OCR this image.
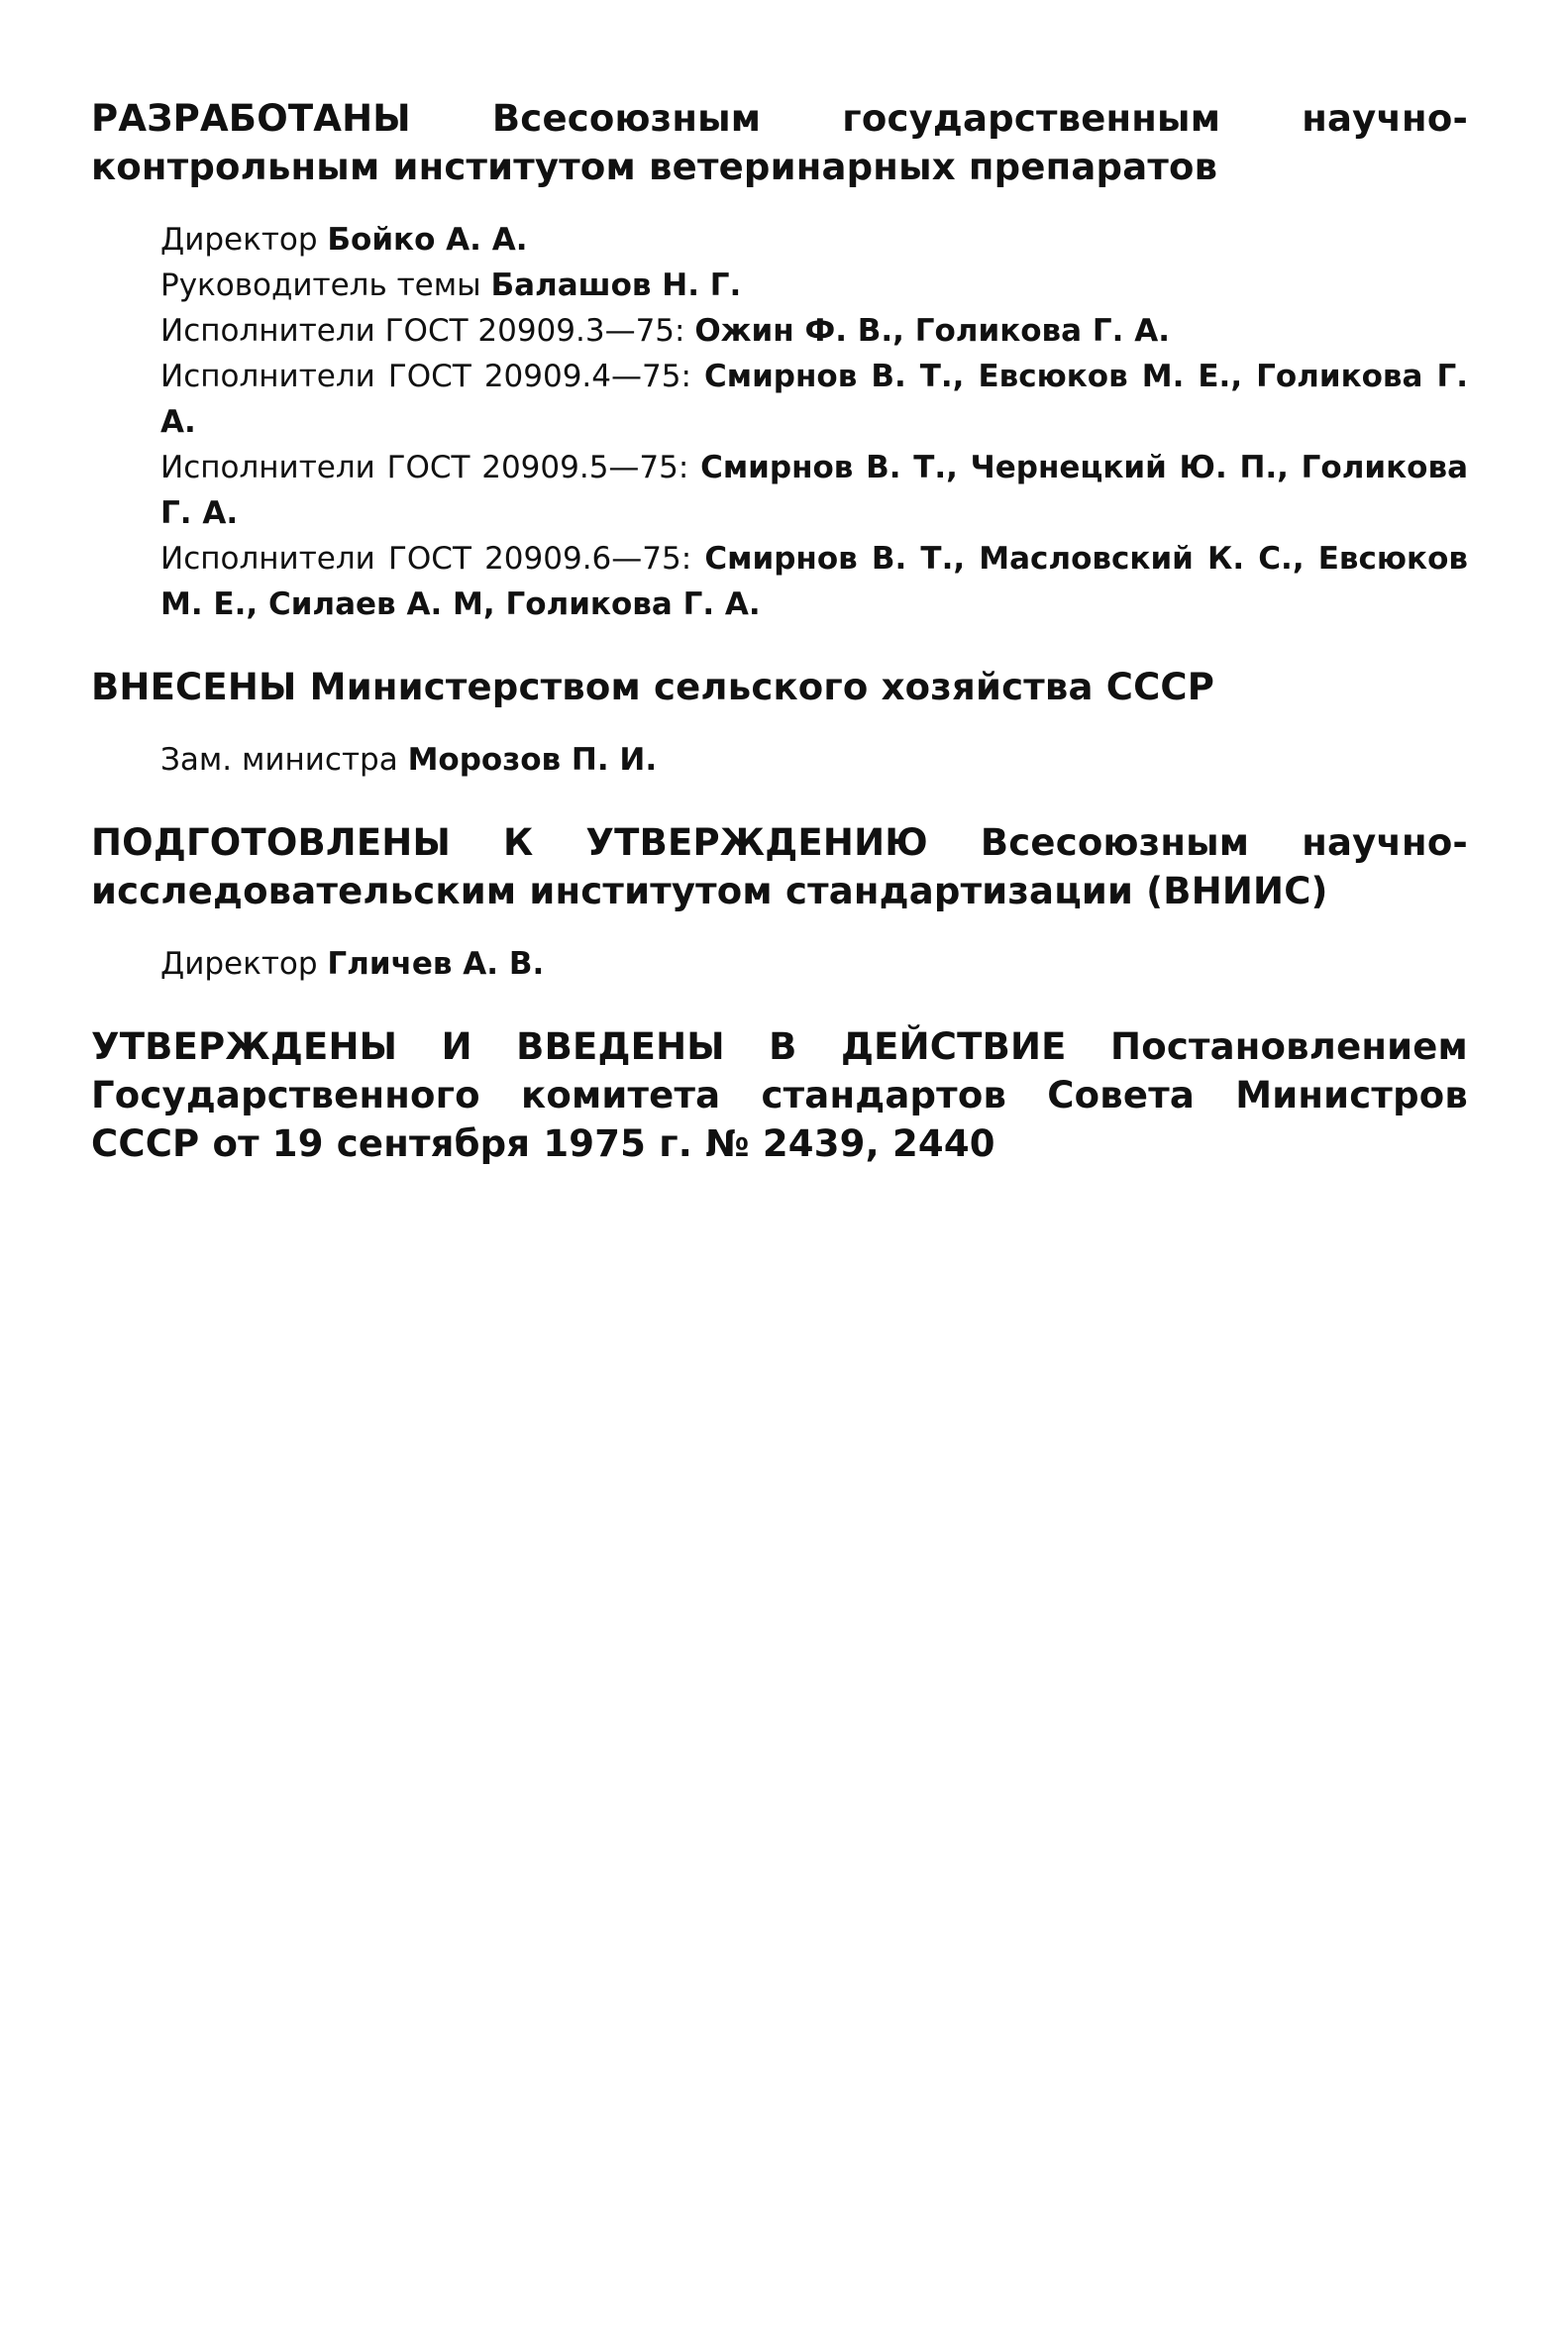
РАЗРАБОТАНЫ Всесоюзным государственным научно-контрольным институтом ветеринарных препаратов
Директор Бойко А. А.
Руководитель темы Балашов Н. Г.
Исполнители ГОСТ 20909.3—75: Ожин Ф. В., Голикова Г. А.
Исполнители ГОСТ 20909.4—75: Смирнов В. Т., Евсюков М. Е., Голикова Г. А.
Исполнители ГОСТ 20909.5—75: Смирнов В. Т., Чернецкий Ю. П., Голикова Г. А.
Исполнители ГОСТ 20909.6—75: Смирнов В. Т., Масловский К. С., Евсюков М. Е., Силаев А. М, Голикова Г. А.
ВНЕСЕНЫ Министерством сельского хозяйства СССР
Зам. министра Морозов П. И.
ПОДГОТОВЛЕНЫ К УТВЕРЖДЕНИЮ Всесоюзным научно-исследовательским институтом стандартизации (ВНИИС)
Директор Гличев А. В.
УТВЕРЖДЕНЫ И ВВЕДЕНЫ В ДЕЙСТВИЕ Постановлением Государственного комитета стандартов Совета Министров СССР от 19 сентября 1975 г. № 2439, 2440
